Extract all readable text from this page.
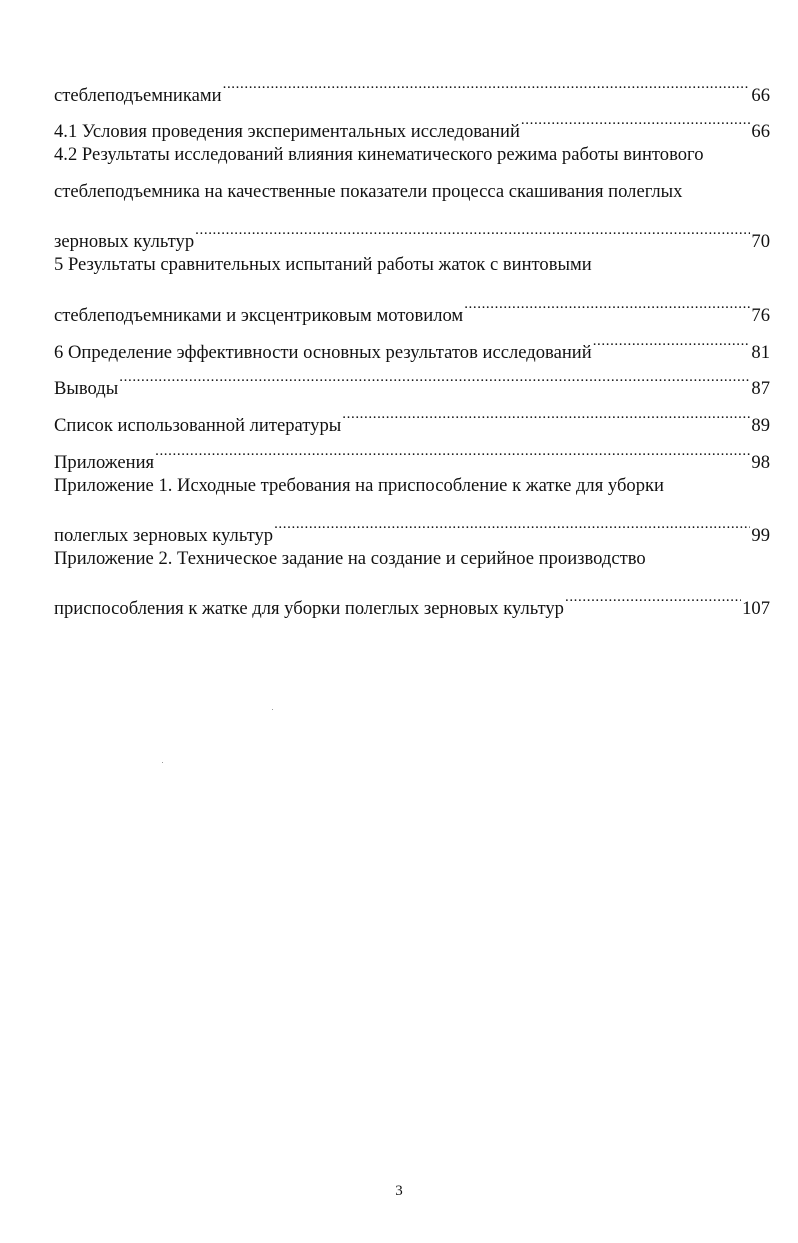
стеблеподъемниками .....	66
4.1 Условия проведения экспериментальных исследований .....	66
4.2 Результаты исследований влияния кинематического режима работы винтового
стеблеподъемника на качественные показатели процесса скашивания полеглых
зерновых культур .....	70
5 Результаты сравнительных испытаний работы жаток с винтовыми
стеблеподъемниками и эксцентриковым мотовилом .....	76
6 Определение эффективности основных результатов исследований .....	81
Выводы .....	87
Список использованной литературы .....	89
Приложения .....	98
Приложение 1. Исходные требования на приспособление к жатке для уборки
полеглых зерновых культур .....	99
Приложение 2. Техническое задание на создание и серийное производство
приспособления к жатке для уборки полеглых зерновых культур .....	107
3
